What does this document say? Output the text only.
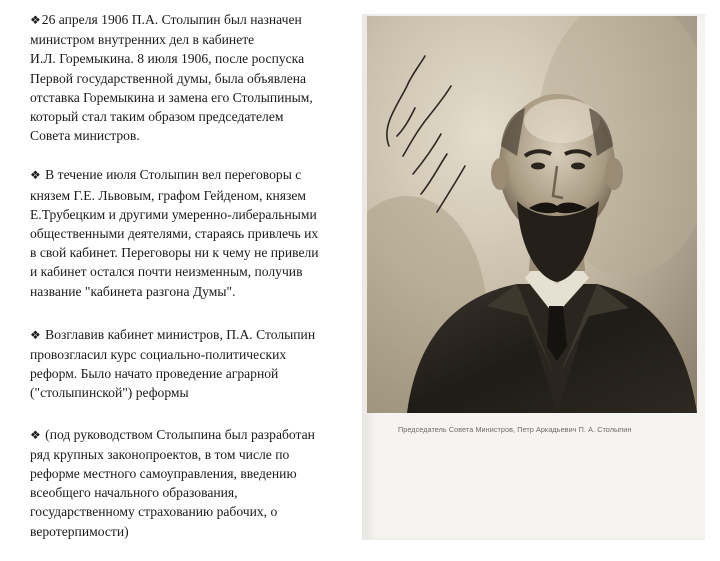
❖26 апреля 1906 П.А. Столыпин был назначен
министром внутренних дел в кабинете
И.Л. Горемыкина. 8 июля 1906, после роспуска
Первой государственной думы, была объявлена
отставка Горемыкина и замена его Столыпиным,
который стал таким образом председателем
Совета министров.

❖ В течение июля Столыпин вел переговоры с
князем Г.Е. Львовым, графом Гейденом, князем
Е.Трубецким и другими умеренно-либеральными
общественными деятелями, стараясь привлечь их
в свой кабинет. Переговоры ни к чему не привели
и кабинет остался почти неизменным, получив
название "кабинета разгона Думы".

❖ Возглавив кабинет министров, П.А. Столыпин
провозгласил курс социально-политических
реформ. Было начато проведение аграрной
("столыпинской") реформы

❖ (под руководством Столыпина был разработан
ряд крупных законопроектов, в том числе по
реформе местного самоуправления, введению
всеобщего начального образования,
государственному страхованию рабочих, о
веротерпимости)

Председатель Совета Министров, Петр Аркадьевич П. А. Столыпин
